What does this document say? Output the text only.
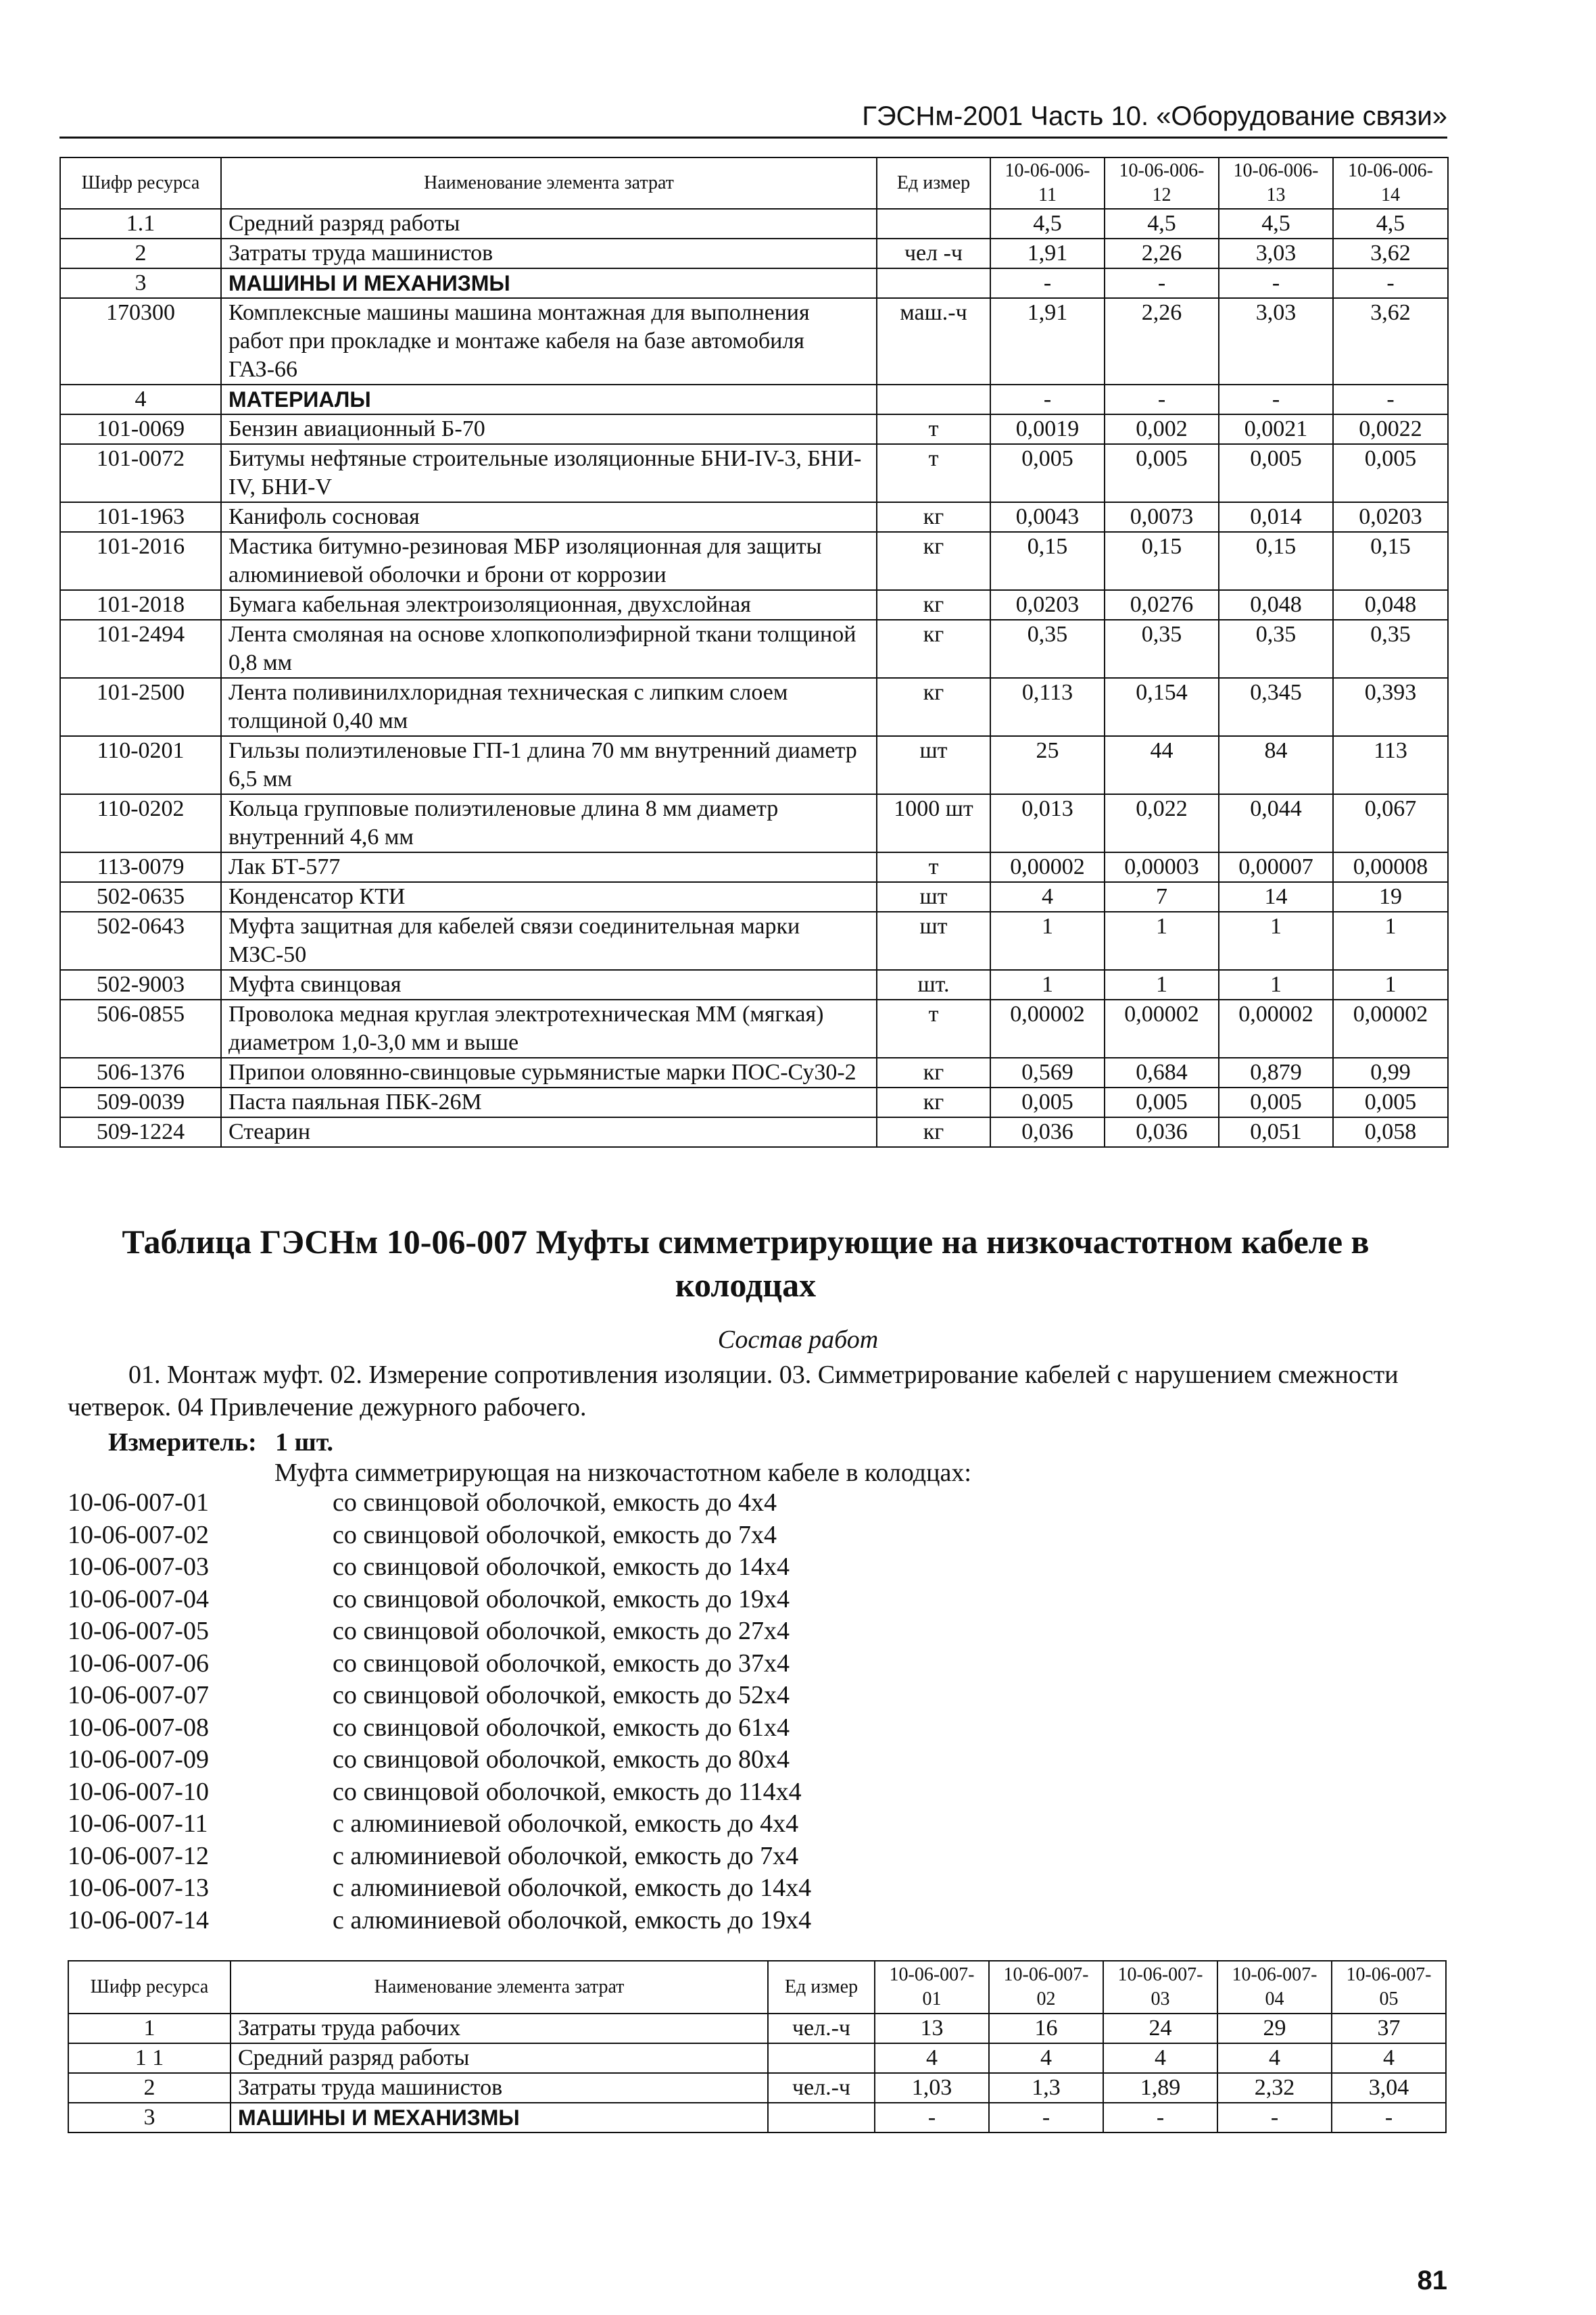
ГЭСНм-2001 Часть 10. «Оборудование связи»
Шифр ресурса	Наименование элемента затрат	Ед измер	10-06-006-11	10-06-006-12	10-06-006-13	10-06-006-14
1.1	Средний разряд работы		4,5	4,5	4,5	4,5
2	Затраты труда машинистов	чел -ч	1,91	2,26	3,03	3,62
3	МАШИНЫ И МЕХАНИЗМЫ		-	-	-	-
170300	Комплексные машины машина монтажная для выполнения работ при прокладке и монтаже кабеля на базе автомобиля ГАЗ-66	маш.-ч	1,91	2,26	3,03	3,62
4	МАТЕРИАЛЫ		-	-	-	-
101-0069	Бензин авиационный Б-70	т	0,0019	0,002	0,0021	0,0022
101-0072	Битумы нефтяные строительные изоляционные БНИ-IV-3, БНИ-IV, БНИ-V	т	0,005	0,005	0,005	0,005
101-1963	Канифоль сосновая	кг	0,0043	0,0073	0,014	0,0203
101-2016	Мастика битумно-резиновая МБР изоляционная для защиты алюминиевой оболочки и брони от коррозии	кг	0,15	0,15	0,15	0,15
101-2018	Бумага кабельная электроизоляционная, двухслойная	кг	0,0203	0,0276	0,048	0,048
101-2494	Лента смоляная на основе хлопкополиэфирной ткани толщиной 0,8 мм	кг	0,35	0,35	0,35	0,35
101-2500	Лента поливинилхлоридная техническая с липким слоем толщиной 0,40 мм	кг	0,113	0,154	0,345	0,393
110-0201	Гильзы полиэтиленовые ГП-1 длина 70 мм внутренний диаметр 6,5 мм	шт	25	44	84	113
110-0202	Кольца групповые полиэтиленовые длина 8 мм диаметр внутренний 4,6 мм	1000 шт	0,013	0,022	0,044	0,067
113-0079	Лак БТ-577	т	0,00002	0,00003	0,00007	0,00008
502-0635	Конденсатор КТИ	шт	4	7	14	19
502-0643	Муфта защитная для кабелей связи соединительная марки МЗС-50	шт	1	1	1	1
502-9003	Муфта свинцовая	шт.	1	1	1	1
506-0855	Проволока медная круглая электротехническая ММ (мягкая) диаметром 1,0-3,0 мм и выше	т	0,00002	0,00002	0,00002	0,00002
506-1376	Припои оловянно-свинцовые сурьмянистые марки ПОС-Су30-2	кг	0,569	0,684	0,879	0,99
509-0039	Паста паяльная ПБК-26М	кг	0,005	0,005	0,005	0,005
509-1224	Стеарин	кг	0,036	0,036	0,051	0,058
Таблица ГЭСНм 10-06-007 Муфты симметрирующие на низкочастотном кабеле в колодцах
Состав работ
01. Монтаж муфт. 02. Измерение сопротивления изоляции. 03. Симметрирование кабелей с нарушением смежности четверок. 04 Привлечение дежурного рабочего.
Измеритель: 1 шт.
Муфта симметрирующая на низкочастотном кабеле в колодцах:
10-06-007-01	со свинцовой оболочкой, емкость до 4х4
10-06-007-02	со свинцовой оболочкой, емкость до 7х4
10-06-007-03	со свинцовой оболочкой, емкость до 14х4
10-06-007-04	со свинцовой оболочкой, емкость до 19х4
10-06-007-05	со свинцовой оболочкой, емкость до 27х4
10-06-007-06	со свинцовой оболочкой, емкость до 37х4
10-06-007-07	со свинцовой оболочкой, емкость до 52х4
10-06-007-08	со свинцовой оболочкой, емкость до 61х4
10-06-007-09	со свинцовой оболочкой, емкость до 80х4
10-06-007-10	со свинцовой оболочкой, емкость до 114х4
10-06-007-11	с алюминиевой оболочкой, емкость до 4х4
10-06-007-12	с алюминиевой оболочкой, емкость до 7х4
10-06-007-13	с алюминиевой оболочкой, емкость до 14х4
10-06-007-14	с алюминиевой оболочкой, емкость до 19х4
Шифр ресурса	Наименование элемента затрат	Ед измер	10-06-007-01	10-06-007-02	10-06-007-03	10-06-007-04	10-06-007-05
1	Затраты труда рабочих	чел.-ч	13	16	24	29	37
1 1	Средний разряд работы		4	4	4	4	4
2	Затраты труда машинистов	чел.-ч	1,03	1,3	1,89	2,32	3,04
3	МАШИНЫ И МЕХАНИЗМЫ		-	-	-	-	-
81
